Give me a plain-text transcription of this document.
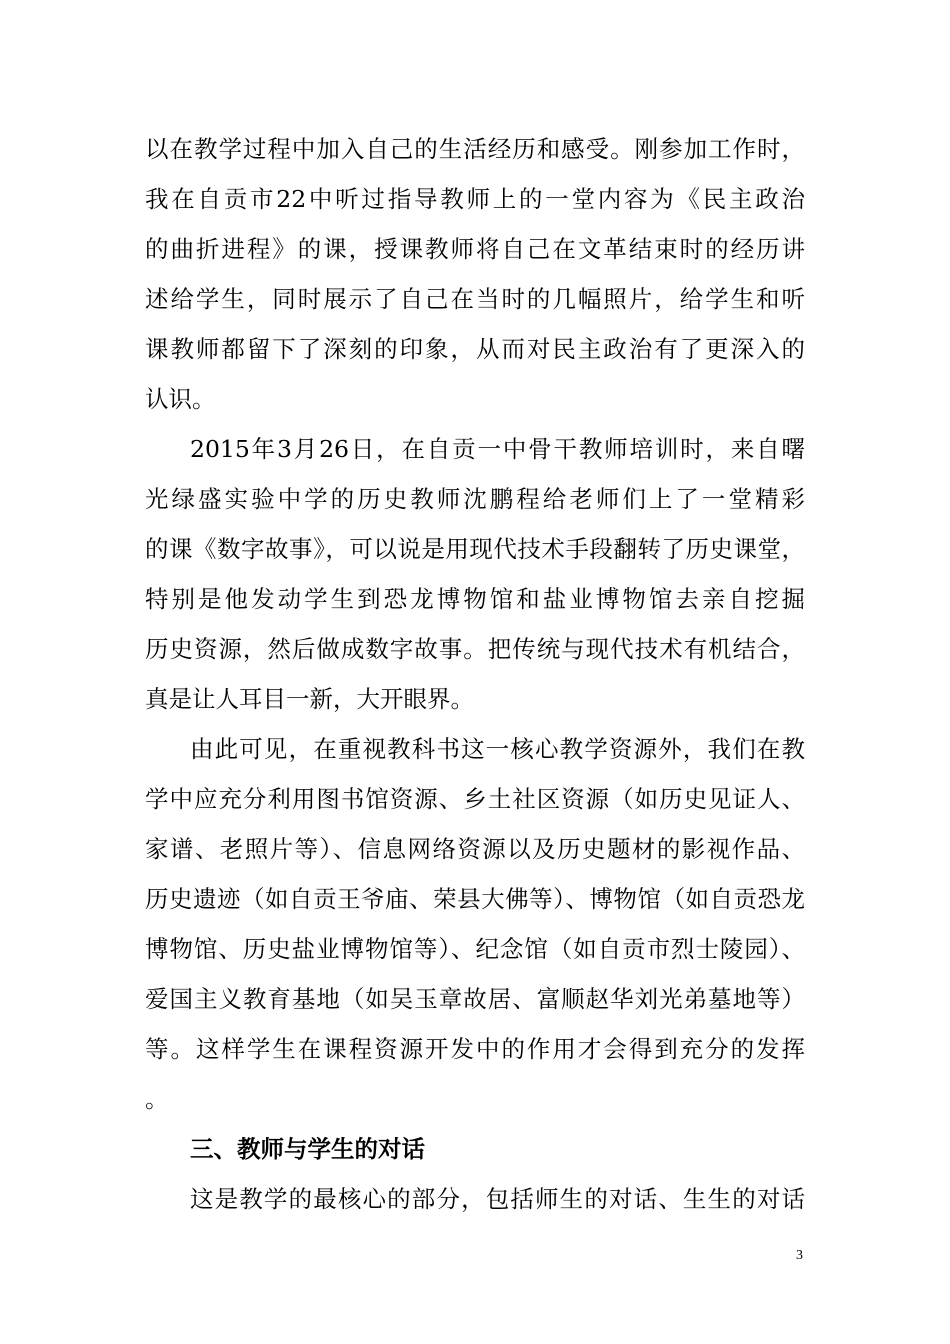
以在教学过程中加入自己的生活经历和感受。刚参加工作时，
我在自贡市22中听过指导教师上的一堂内容为《民主政治
的曲折进程》的课，授课教师将自己在文革结束时的经历讲
述给学生，同时展示了自己在当时的几幅照片，给学生和听
课教师都留下了深刻的印象，从而对民主政治有了更深入的
认识。
2015年3月26日，在自贡一中骨干教师培训时，来自曙
光绿盛实验中学的历史教师沈鹏程给老师们上了一堂精彩
的课《数字故事》，可以说是用现代技术手段翻转了历史课堂，
特别是他发动学生到恐龙博物馆和盐业博物馆去亲自挖掘
历史资源，然后做成数字故事。把传统与现代技术有机结合，
真是让人耳目一新，大开眼界。
由此可见，在重视教科书这一核心教学资源外，我们在教
学中应充分利用图书馆资源、乡土社区资源（如历史见证人、
家谱、老照片等）、信息网络资源以及历史题材的影视作品、
历史遗迹（如自贡王爷庙、荣县大佛等）、博物馆（如自贡恐龙
博物馆、历史盐业博物馆等）、纪念馆（如自贡市烈士陵园）、
爱国主义教育基地（如吴玉章故居、富顺赵华刘光弟墓地等）
等。这样学生在课程资源开发中的作用才会得到充分的发挥
。
三、教师与学生的对话
这是教学的最核心的部分，包括师生的对话、生生的对话
3
